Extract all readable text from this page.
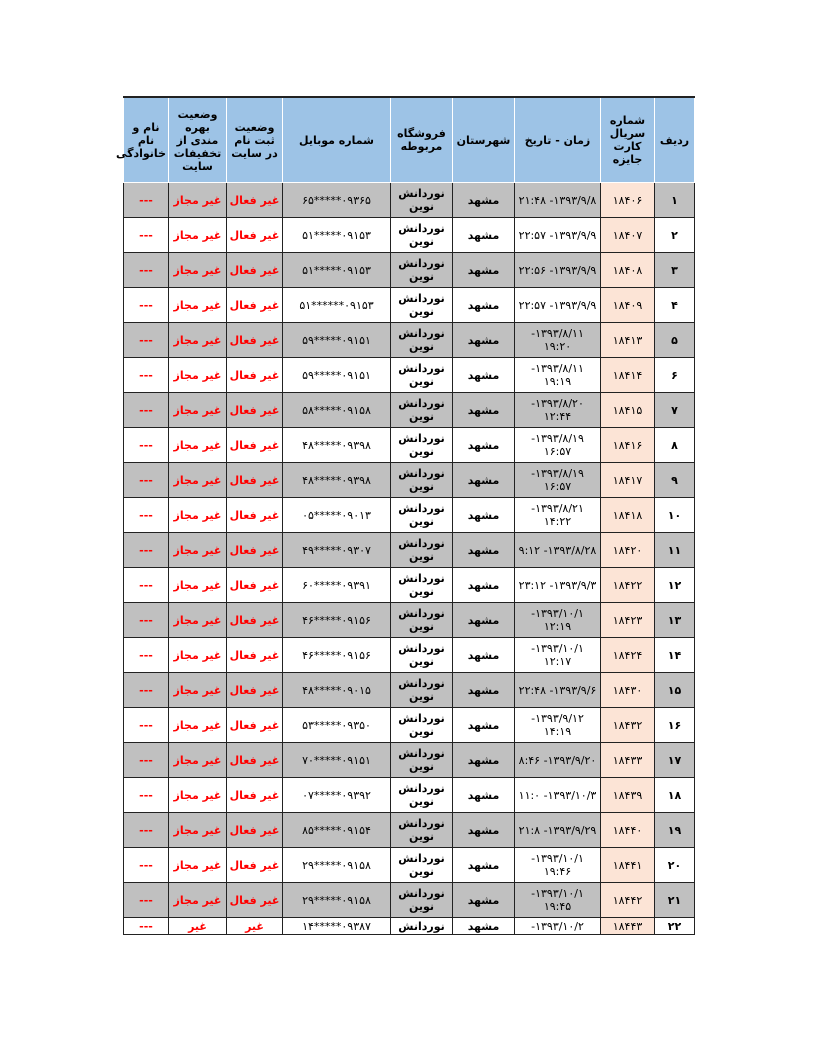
ردیف	شماره سریال کارت جایزه	زمان - تاریخ	شهرستان	فروشگاه مربوطه	شماره موبایل	وضعیت ثبت نام در سایت	وضعیت بهره مندی از تخفیفات سایت	نام و نام خانوادگی
۱	۱۸۴۰۶	۱۳۹۳/۹/۸- ۲۱:۴۸	مشهد	نوردانش نوین	۰۹۳۶۵*****۶۵	غیر فعال	غیر مجاز	---
۲	۱۸۴۰۷	۱۳۹۳/۹/۹- ۲۲:۵۷	مشهد	نوردانش نوین	۰۹۱۵۳*****۵۱	غیر فعال	غیر مجاز	---
۳	۱۸۴۰۸	۱۳۹۳/۹/۹- ۲۲:۵۶	مشهد	نوردانش نوین	۰۹۱۵۳*****۵۱	غیر فعال	غیر مجاز	---
۴	۱۸۴۰۹	۱۳۹۳/۹/۹- ۲۲:۵۷	مشهد	نوردانش نوین	۰۹۱۵۳******۵۱	غیر فعال	غیر مجاز	---
۵	۱۸۴۱۳	۱۳۹۳/۸/۱۱- ۱۹:۲۰	مشهد	نوردانش نوین	۰۹۱۵۱*****۵۹	غیر فعال	غیر مجاز	---
۶	۱۸۴۱۴	۱۳۹۳/۸/۱۱- ۱۹:۱۹	مشهد	نوردانش نوین	۰۹۱۵۱*****۵۹	غیر فعال	غیر مجاز	---
۷	۱۸۴۱۵	۱۳۹۳/۸/۲۰- ۱۲:۴۴	مشهد	نوردانش نوین	۰۹۱۵۸*****۵۸	غیر فعال	غیر مجاز	---
۸	۱۸۴۱۶	۱۳۹۳/۸/۱۹- ۱۶:۵۷	مشهد	نوردانش نوین	۰۹۳۹۸*****۴۸	غیر فعال	غیر مجاز	---
۹	۱۸۴۱۷	۱۳۹۳/۸/۱۹- ۱۶:۵۷	مشهد	نوردانش نوین	۰۹۳۹۸*****۴۸	غیر فعال	غیر مجاز	---
۱۰	۱۸۴۱۸	۱۳۹۳/۸/۲۱- ۱۴:۲۲	مشهد	نوردانش نوین	۰۹۰۱۳*****۰۵	غیر فعال	غیر مجاز	---
۱۱	۱۸۴۲۰	۱۳۹۳/۸/۲۸- ۹:۱۲	مشهد	نوردانش نوین	۰۹۳۰۷*****۴۹	غیر فعال	غیر مجاز	---
۱۲	۱۸۴۲۲	۱۳۹۳/۹/۳- ۲۳:۱۲	مشهد	نوردانش نوین	۰۹۳۹۱*****۶۰	غیر فعال	غیر مجاز	---
۱۳	۱۸۴۲۳	۱۳۹۳/۱۰/۱- ۱۲:۱۹	مشهد	نوردانش نوین	۰۹۱۵۶*****۴۶	غیر فعال	غیر مجاز	---
۱۴	۱۸۴۲۴	۱۳۹۳/۱۰/۱- ۱۲:۱۷	مشهد	نوردانش نوین	۰۹۱۵۶*****۴۶	غیر فعال	غیر مجاز	---
۱۵	۱۸۴۳۰	۱۳۹۳/۹/۶- ۲۲:۴۸	مشهد	نوردانش نوین	۰۹۰۱۵*****۴۸	غیر فعال	غیر مجاز	---
۱۶	۱۸۴۳۲	۱۳۹۳/۹/۱۲- ۱۴:۱۹	مشهد	نوردانش نوین	۰۹۳۵۰*****۵۳	غیر فعال	غیر مجاز	---
۱۷	۱۸۴۳۳	۱۳۹۳/۹/۲۰- ۸:۴۶	مشهد	نوردانش نوین	۰۹۱۵۱*****۷۰	غیر فعال	غیر مجاز	---
۱۸	۱۸۴۳۹	۱۳۹۳/۱۰/۳- ۱۱:۰	مشهد	نوردانش نوین	۰۹۳۹۲*****۰۷	غیر فعال	غیر مجاز	---
۱۹	۱۸۴۴۰	۱۳۹۳/۹/۲۹- ۲۱:۸	مشهد	نوردانش نوین	۰۹۱۵۴*****۸۵	غیر فعال	غیر مجاز	---
۲۰	۱۸۴۴۱	۱۳۹۳/۱۰/۱- ۱۹:۴۶	مشهد	نوردانش نوین	۰۹۱۵۸*****۲۹	غیر فعال	غیر مجاز	---
۲۱	۱۸۴۴۲	۱۳۹۳/۱۰/۱- ۱۹:۴۵	مشهد	نوردانش نوین	۰۹۱۵۸*****۲۹	غیر فعال	غیر مجاز	---
۲۲	۱۸۴۴۳	۱۳۹۳/۱۰/۲-	مشهد	نوردانش	۰۹۳۸۷*****۱۴	غیر	غیر	---
